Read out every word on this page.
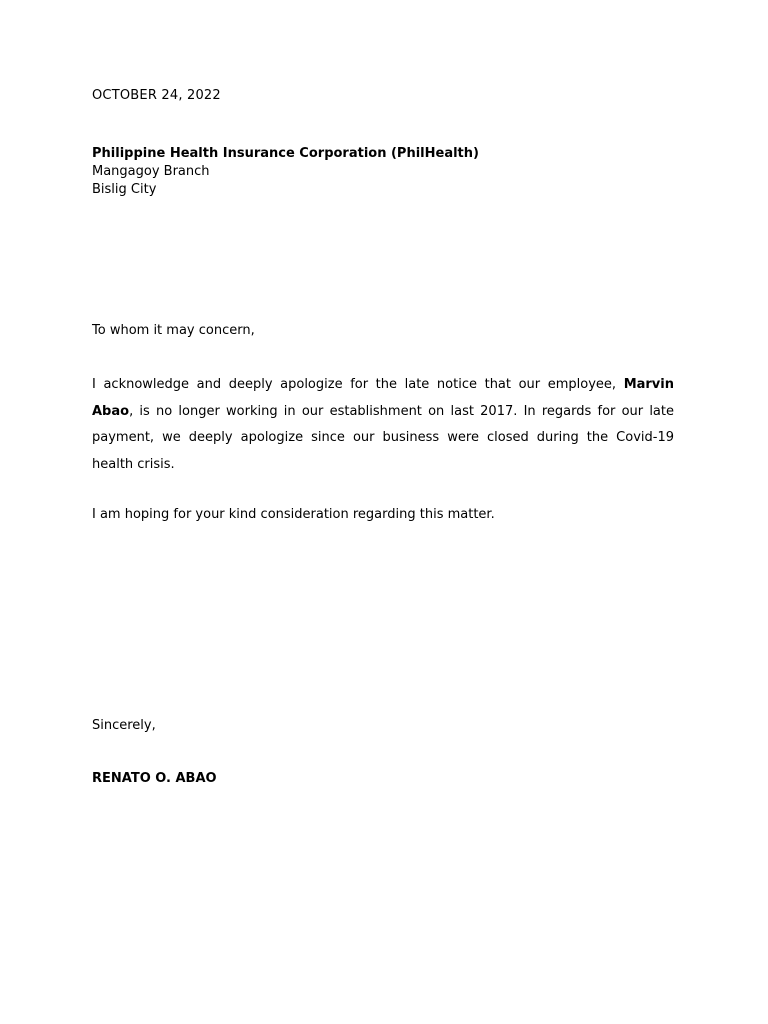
OCTOBER 24, 2022
Philippine Health Insurance Corporation (PhilHealth)
Mangagoy Branch
Bislig City
To whom it may concern,
I acknowledge and deeply apologize for the late notice that our employee, Marvin Abao, is no longer working in our establishment on last 2017. In regards for our late payment, we deeply apologize since our business were closed during the Covid-19 health crisis.
I am hoping for your kind consideration regarding this matter.
Sincerely,
RENATO O. ABAO
